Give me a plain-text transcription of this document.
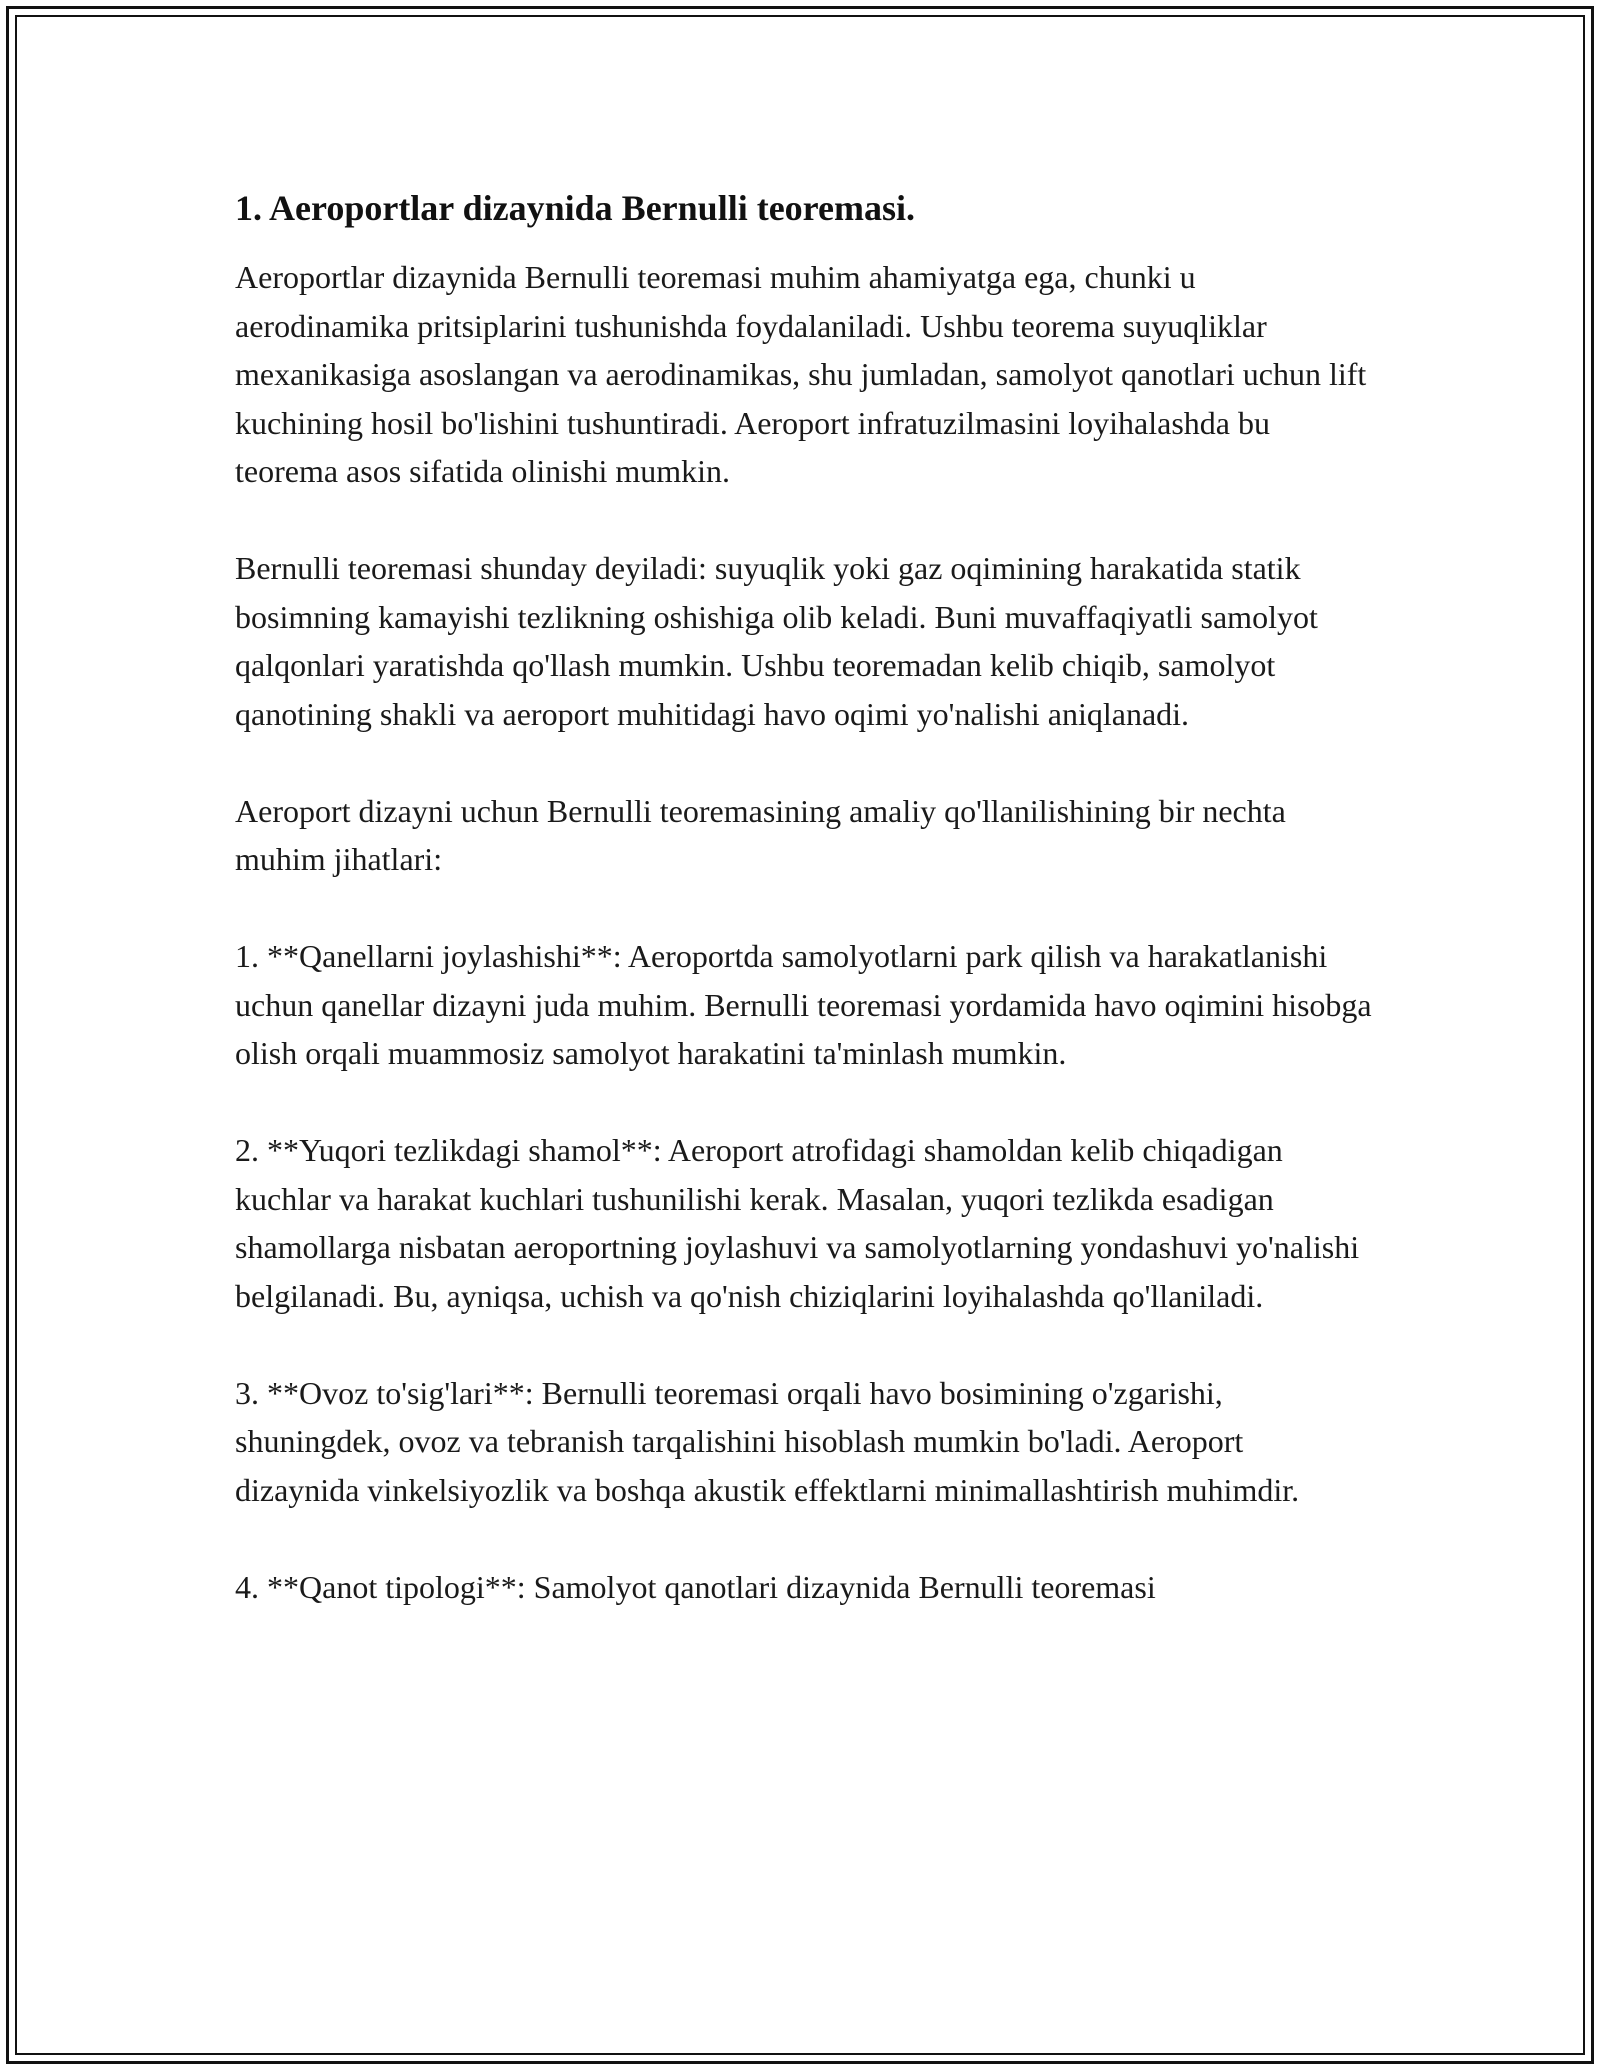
1. Aeroportlar dizaynida Bernulli teoremasi.

Aeroportlar dizaynida Bernulli teoremasi muhim ahamiyatga ega, chunki u aerodinamika pritsiplarini tushunishda foydalaniladi. Ushbu teorema suyuqliklar mexanikasiga asoslangan va aerodinamikas, shu jumladan, samolyot qanotlari uchun lift kuchining hosil bo'lishini tushuntiradi. Aeroport infratuzilmasini loyihalashda bu teorema asos sifatida olinishi mumkin.

Bernulli teoremasi shunday deyiladi: suyuqlik yoki gaz oqimining harakatida statik bosimning kamayishi tezlikning oshishiga olib keladi. Buni muvaffaqiyatli samolyot qalqonlari yaratishda qo'llash mumkin. Ushbu teoremadan kelib chiqib, samolyot qanotining shakli va aeroport muhitidagi havo oqimi yo'nalishi aniqlanadi.

Aeroport dizayni uchun Bernulli teoremasining amaliy qo'llanilishining bir nechta muhim jihatlari:

1. **Qanellarni joylashishi**: Aeroportda samolyotlarni park qilish va harakatlanishi uchun qanellar dizayni juda muhim. Bernulli teoremasi yordamida havo oqimini hisobga olish orqali muammosiz samolyot harakatini ta'minlash mumkin.

2. **Yuqori tezlikdagi shamol**: Aeroport atrofidagi shamoldan kelib chiqadigan kuchlar va harakat kuchlari tushunilishi kerak. Masalan, yuqori tezlikda esadigan shamollarga nisbatan aeroportning joylashuvi va samolyotlarning yondashuvi yo'nalishi belgilanadi. Bu, ayniqsa, uchish va qo'nish chiziqlarini loyihalashda qo'llaniladi.

3. **Ovoz to'sig'lari**: Bernulli teoremasi orqali havo bosimining o'zgarishi, shuningdek, ovoz va tebranish tarqalishini hisoblash mumkin bo'ladi. Aeroport dizaynida vinkelsiyozlik va boshqa akustik effektlarni minimallashtirish muhimdir.

4. **Qanot tipologi**: Samolyot qanotlari dizaynida Bernulli teoremasi
